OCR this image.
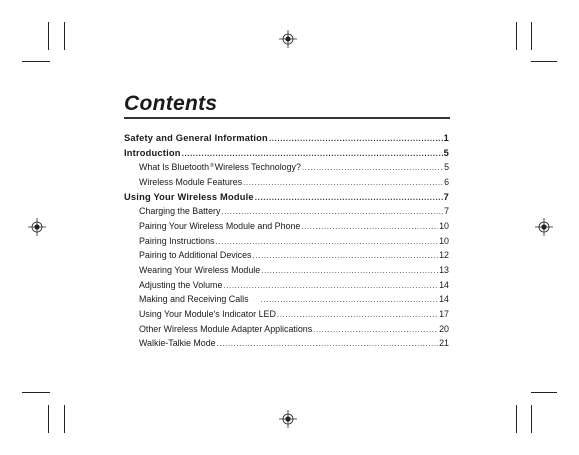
Contents
Safety and General Information .....	1
Introduction .....	5
What Is Bluetooth®Wireless Technology? .....	5
Wireless Module Features .....	6
Using Your Wireless Module .....	7
Charging the Battery .....	7
Pairing Your Wireless Module and Phone .....	10
Pairing Instructions .....	10
Pairing to Additional Devices .....	12
Wearing Your Wireless Module .....	13
Adjusting the Volume .....	14
Making and Receiving Calls .....	14
Using Your Module's Indicator LED .....	17
Other Wireless Module Adapter Applications .....	20
Walkie-Talkie Mode .....	21
